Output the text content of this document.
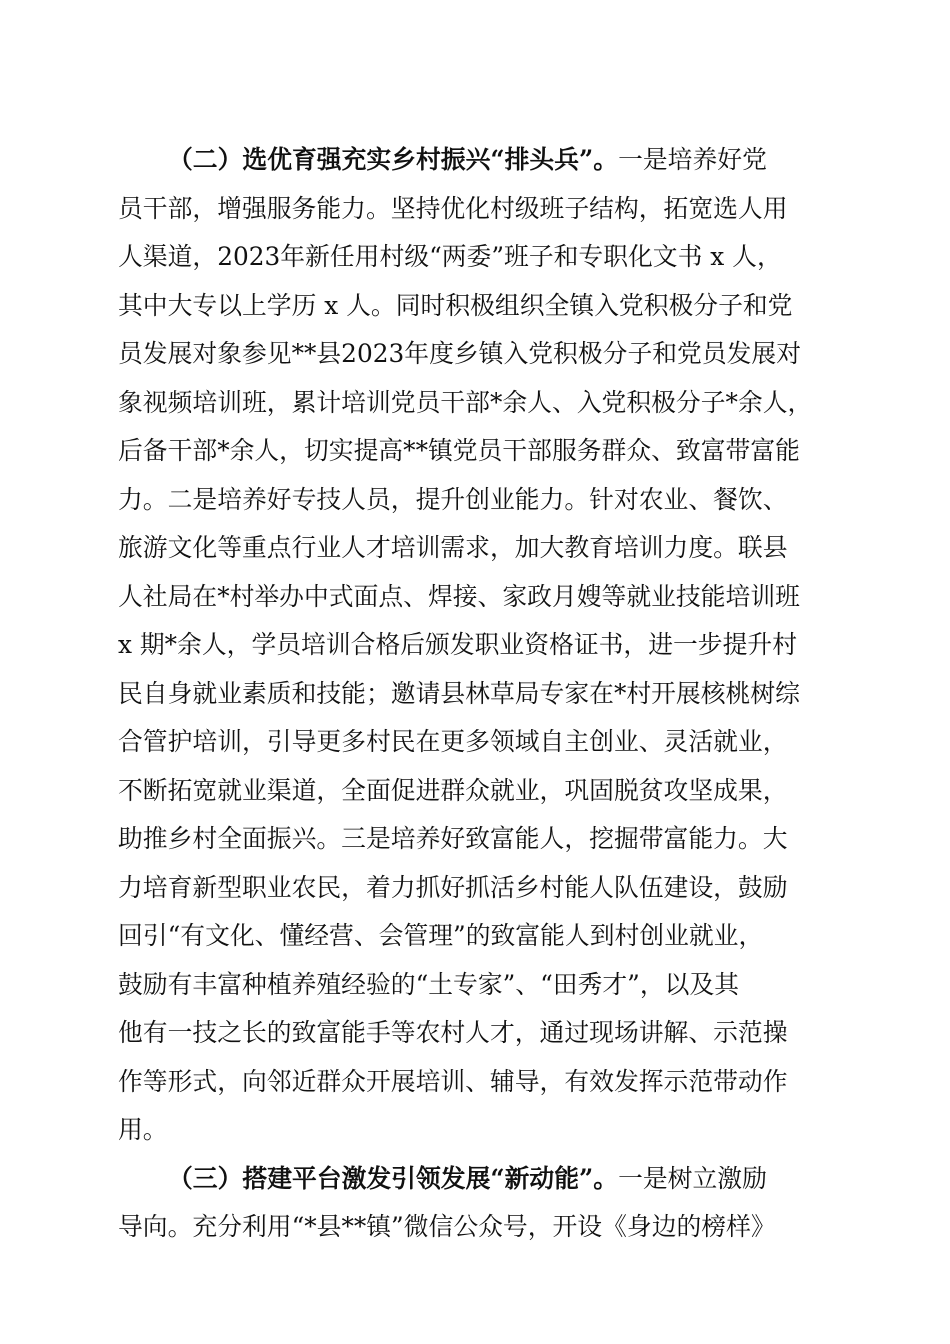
（二）选优育强充实乡村振兴“排头兵”。一是培养好党
员干部，增强服务能力。坚持优化村级班子结构，拓宽选人用
人渠道，2023年新任用村级“两委”班子和专职化文书 x 人，
其中大专以上学历 x 人。同时积极组织全镇入党积极分子和党
员发展对象参见**县2023年度乡镇入党积极分子和党员发展对
象视频培训班，累计培训党员干部*余人、入党积极分子*余人，
后备干部*余人，切实提高**镇党员干部服务群众、致富带富能
力。二是培养好专技人员，提升创业能力。针对农业、餐饮、
旅游文化等重点行业人才培训需求，加大教育培训力度。联县
人社局在*村举办中式面点、焊接、家政月嫂等就业技能培训班
x 期*余人，学员培训合格后颁发职业资格证书，进一步提升村
民自身就业素质和技能；邀请县林草局专家在*村开展核桃树综
合管护培训，引导更多村民在更多领域自主创业、灵活就业，
不断拓宽就业渠道，全面促进群众就业，巩固脱贫攻坚成果，
助推乡村全面振兴。三是培养好致富能人，挖掘带富能力。大
力培育新型职业农民，着力抓好抓活乡村能人队伍建设，鼓励
回引“有文化、懂经营、会管理”的致富能人到村创业就业，
鼓励有丰富种植养殖经验的“土专家”、“田秀才”，以及其
他有一技之长的致富能手等农村人才，通过现场讲解、示范操
作等形式，向邻近群众开展培训、辅导，有效发挥示范带动作
用。
（三）搭建平台激发引领发展“新动能”。一是树立激励
导向。充分利用“*县**镇”微信公众号，开设《身边的榜样》
